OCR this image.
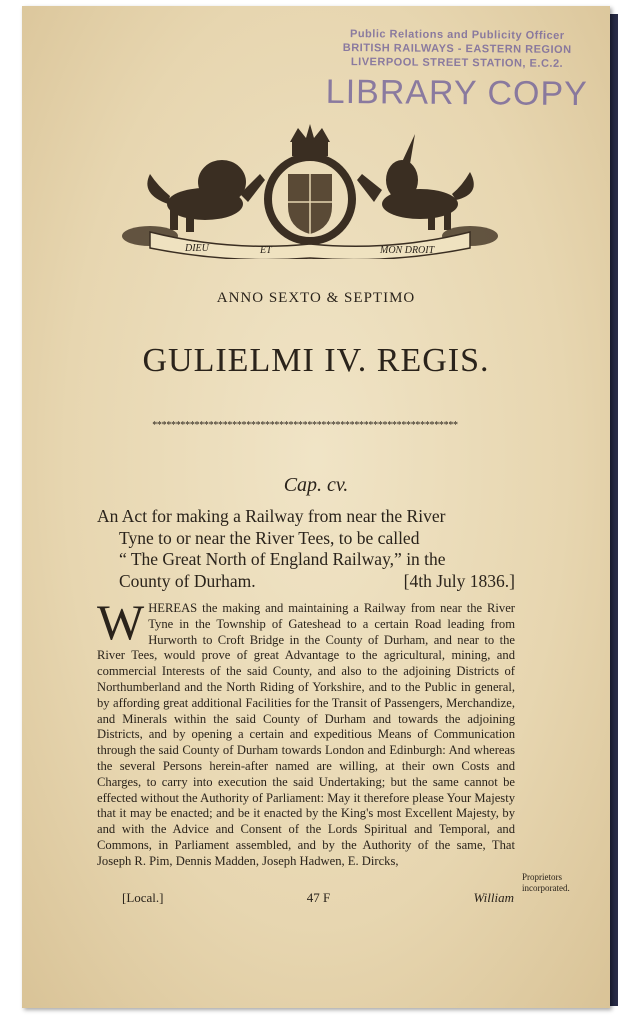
Public Relations and Publicity Officer
BRITISH RAILWAYS - EASTERN REGION
LIVERPOOL STREET STATION, E.C.2.
LIBRARY COPY
DIEU	ET	MON DROIT
ANNO SEXTO & SEPTIMO
GULIELMI IV. REGIS.
*****************************************************************
Cap. cv.
An Act for making a Railway from near the River
Tyne to or near the River Tees, to be called
“ The Great North of England Railway,” in the
County of Durham.	[4th July 1836.]
WHEREAS the making and maintaining a Railway from near the River Tyne in the Township of Gateshead to a certain Road leading from Hurworth to Croft Bridge in the County of Durham, and near to the River Tees, would prove of great Advantage to the agricultural, mining, and commercial Interests of the said County, and also to the adjoining Districts of Northumberland and the North Riding of Yorkshire, and to the Public in general, by affording great additional Facilities for the Transit of Passengers, Merchandize, and Minerals within the said County of Durham and towards the adjoining Districts, and by opening a certain and expeditious Means of Communication through the said County of Durham towards London and Edinburgh: And whereas the several Persons herein-after named are willing, at their own Costs and Charges, to carry into execution the said Undertaking; but the same cannot be effected without the Authority of Parliament: May it therefore please Your Majesty that it may be enacted; and be it enacted by the King's most Excellent Majesty, by and with the Advice and Consent of the Lords Spiritual and Temporal, and Commons, in Parliament assembled, and by the Authority of the same, That Joseph R. Pim, Dennis Madden, Joseph Hadwen, E. Dircks,
Proprietors incorporated.
[Local.]	47 F	William
